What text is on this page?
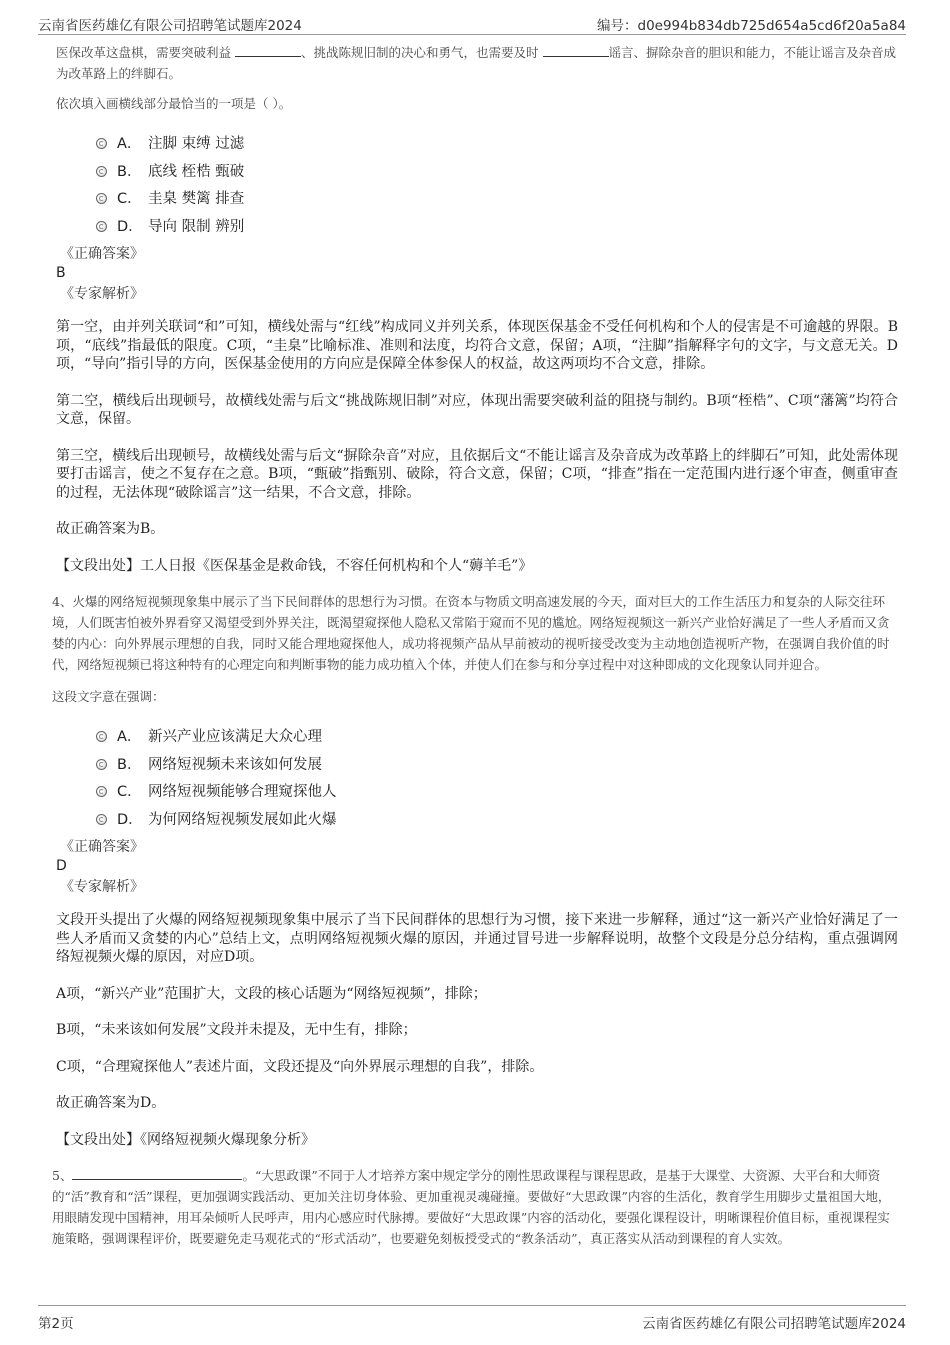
云南省医药雄亿有限公司招聘笔试题库2024	编号：d0e994b834db725d654a5cd6f20a5a84

医保改革这盘棋，需要突破利益	、挑战陈规旧制的决心和勇气，也需要及时	谣言、摒除杂音的胆识和能力，不能让谣言及杂音成为改革路上的绊脚石。

依次填入画横线部分最恰当的一项是（ ）。

A． 注脚 束缚 过滤
B． 底线 桎梏 甄破
C． 圭臬 樊篱 排查
D． 导向 限制 辨别

《正确答案》

B

《专家解析》

第一空，由并列关联词“和”可知，横线处需与“红线”构成同义并列关系，体现医保基金不受任何机构和个人的侵害是不可逾越的界限。B项，“底线”指最低的限度。C项，“圭臬”比喻标准、准则和法度，均符合文意，保留；A项，“注脚”指解释字句的文字，与文意无关。D项，“导向”指引导的方向，医保基金使用的方向应是保障全体参保人的权益，故这两项均不合文意，排除。

第二空，横线后出现顿号，故横线处需与后文“挑战陈规旧制”对应，体现出需要突破利益的阻挠与制约。B项“桎梏”、C项“藩篱”均符合文意，保留。

第三空，横线后出现顿号，故横线处需与后文“摒除杂音”对应，且依据后文“不能让谣言及杂音成为改革路上的绊脚石”可知，此处需体现要打击谣言，使之不复存在之意。B项，“甄破”指甄别、破除，符合文意，保留；C项，“排查”指在一定范围内进行逐个审查，侧重审查的过程，无法体现“破除谣言”这一结果，不合文意，排除。

故正确答案为B。

【文段出处】工人日报《医保基金是救命钱，不容任何机构和个人“薅羊毛”》

4、火爆的网络短视频现象集中展示了当下民间群体的思想行为习惯。在资本与物质文明高速发展的今天，面对巨大的工作生活压力和复杂的人际交往环境，人们既害怕被外界看穿又渴望受到外界关注，既渴望窥探他人隐私又常陷于窥而不见的尴尬。网络短视频这一新兴产业恰好满足了一些人矛盾而又贪婪的内心：向外界展示理想的自我，同时又能合理地窥探他人，成功将视频产品从早前被动的视听接受改变为主动地创造视听产物，在强调自我价值的时代，网络短视频已将这种特有的心理定向和判断事物的能力成功植入个体，并使人们在参与和分享过程中对这种即成的文化现象认同并迎合。

这段文字意在强调：

A． 新兴产业应该满足大众心理
B． 网络短视频未来该如何发展
C． 网络短视频能够合理窥探他人
D． 为何网络短视频发展如此火爆

《正确答案》

D

《专家解析》

文段开头提出了火爆的网络短视频现象集中展示了当下民间群体的思想行为习惯，接下来进一步解释，通过“这一新兴产业恰好满足了一些人矛盾而又贪婪的内心”总结上文，点明网络短视频火爆的原因，并通过冒号进一步解释说明，故整个文段是分总分结构，重点强调网络短视频火爆的原因，对应D项。

A项，“新兴产业”范围扩大，文段的核心话题为“网络短视频”，排除；

B项，“未来该如何发展”文段并未提及，无中生有，排除；

C项，“合理窥探他人”表述片面，文段还提及“向外界展示理想的自我”，排除。

故正确答案为D。

【文段出处】《网络短视频火爆现象分析》

5、	。“大思政课”不同于人才培养方案中规定学分的刚性思政课程与课程思政，是基于大课堂、大资源、大平台和大师资的“活”教育和“活”课程，更加强调实践活动、更加关注切身体验、更加重视灵魂碰撞。要做好“大思政课”内容的生活化，教育学生用脚步丈量祖国大地，用眼睛发现中国精神，用耳朵倾听人民呼声，用内心感应时代脉搏。要做好“大思政课”内容的活动化，要强化课程设计，明晰课程价值目标，重视课程实施策略，强调课程评价，既要避免走马观花式的“形式活动”，也要避免刻板授受式的“教条活动”，真正落实从活动到课程的育人实效。

第2页	云南省医药雄亿有限公司招聘笔试题库2024
